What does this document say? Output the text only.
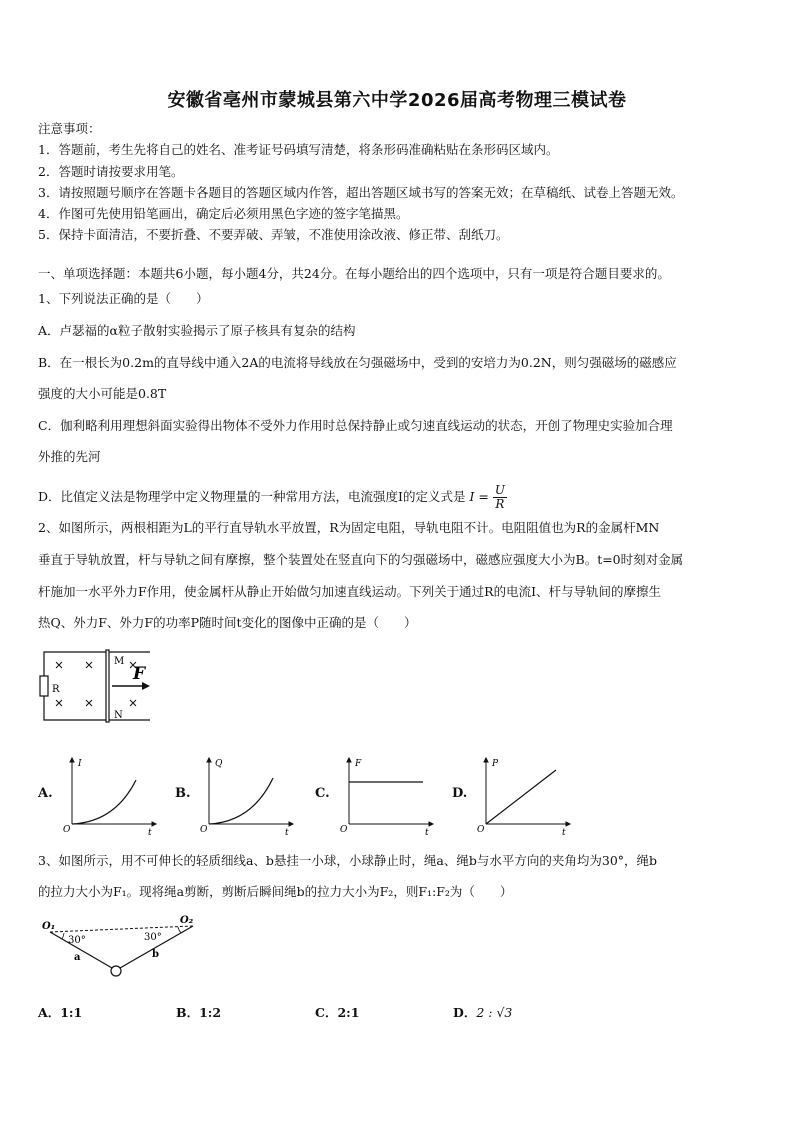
安徽省亳州市蒙城县第六中学2026届高考物理三模试卷
注意事项：
1．答题前，考生先将自己的姓名、准考证号码填写清楚，将条形码准确粘贴在条形码区域内。
2．答题时请按要求用笔。
3．请按照题号顺序在答题卡各题目的答题区域内作答，超出答题区域书写的答案无效；在草稿纸、试卷上答题无效。
4．作图可先使用铅笔画出，确定后必须用黑色字迹的签字笔描黑。
5．保持卡面清洁，不要折叠、不要弄破、弄皱，不准使用涂改液、修正带、刮纸刀。
一、单项选择题：本题共6小题，每小题4分，共24分。在每小题给出的四个选项中，只有一项是符合题目要求的。
1、下列说法正确的是（　　）
A．卢瑟福的α粒子散射实验揭示了原子核具有复杂的结构
B．在一根长为0.2m的直导线中通入2A的电流将导线放在匀强磁场中，受到的安培力为0.2N，则匀强磁场的磁感应
强度的大小可能是0.8T
C．伽利略利用理想斜面实验得出物体不受外力作用时总保持静止或匀速直线运动的状态，开创了物理史实验加合理
外推的先河
D．比值定义法是物理学中定义物理量的一种常用方法，电流强度I的定义式是 $I = \frac{U}{R}$
2、如图所示，两根相距为L的平行直导轨水平放置，R为固定电阻，导轨电阻不计。电阻阻值也为R的金属杆MN
垂直于导轨放置，杆与导轨之间有摩擦，整个装置处在竖直向下的匀强磁场中，磁感应强度大小为B。t=0时刻对金属
杆施加一水平外力F作用，使金属杆从静止开始做匀加速直线运动。下列关于通过R的电流I、杆与导轨间的摩擦生
热Q、外力F、外力F的功率P随时间t变化的图像中正确的是（　　）
R
M
N
F
A.
I
t
O
B.
Q
t
O
C.
F
t
O
D.
P
t
O
3、如图所示，用不可伸长的轻质细线a、b悬挂一小球，小球静止时，绳a、绳b与水平方向的夹角均为30°，绳b
的拉力大小为F₁。现将绳a剪断，剪断后瞬间绳b的拉力大小为F₂，则F₁:F₂为（　　）
O₁
O₂
30°	30°
a	b
A．1:1	B．1:2	C．2:1	D．2 : √3
